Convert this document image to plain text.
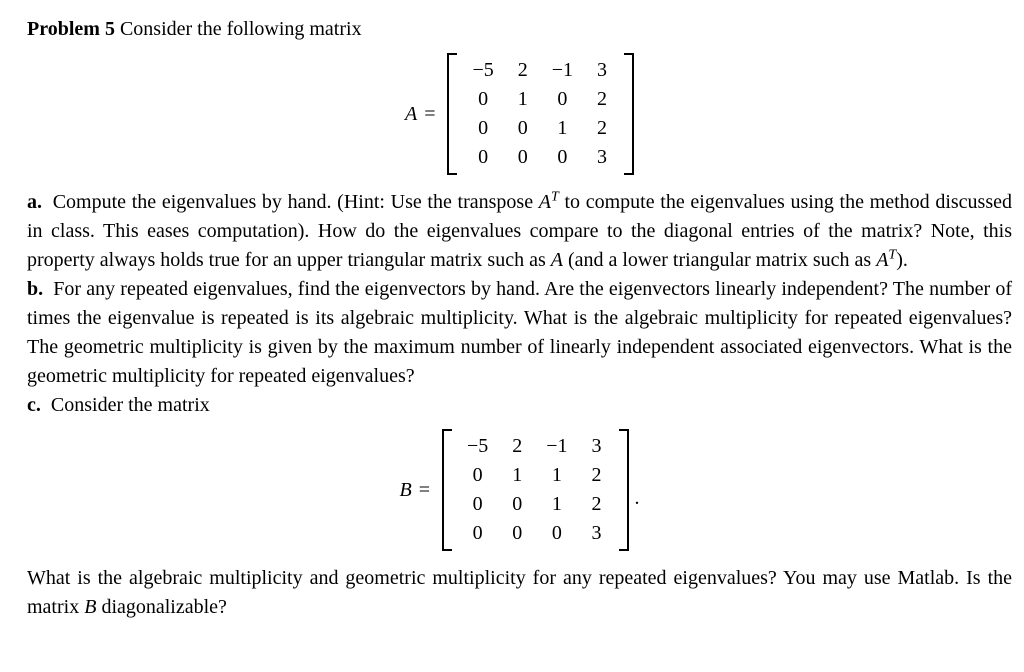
Problem 5 Consider the following matrix

A =
−5 2 −1 3
0 1 0 2
0 0 1 2
0 0 0 3

a. Compute the eigenvalues by hand. (Hint: Use the transpose $A^T$ to compute the eigenvalues using the method discussed in class. This eases computation). How do the eigenvalues compare to the diagonal entries of the matrix? Note, this property always holds true for an upper triangular matrix such as A (and a lower triangular matrix such as $A^T$).

b. For any repeated eigenvalues, find the eigenvectors by hand. Are the eigenvectors linearly independent? The number of times the eigenvalue is repeated is its algebraic multiplicity. What is the algebraic multiplicity for repeated eigenvalues? The geometric multiplicity is given by the maximum number of linearly independent associated eigenvectors. What is the geometric multiplicity for repeated eigenvalues?

c. Consider the matrix

B =
−5 2 −1 3
0 1 1 2
0 0 1 2
0 0 0 3
.

What is the algebraic multiplicity and geometric multiplicity for any repeated eigenvalues? You may use Matlab. Is the matrix B diagonalizable?
